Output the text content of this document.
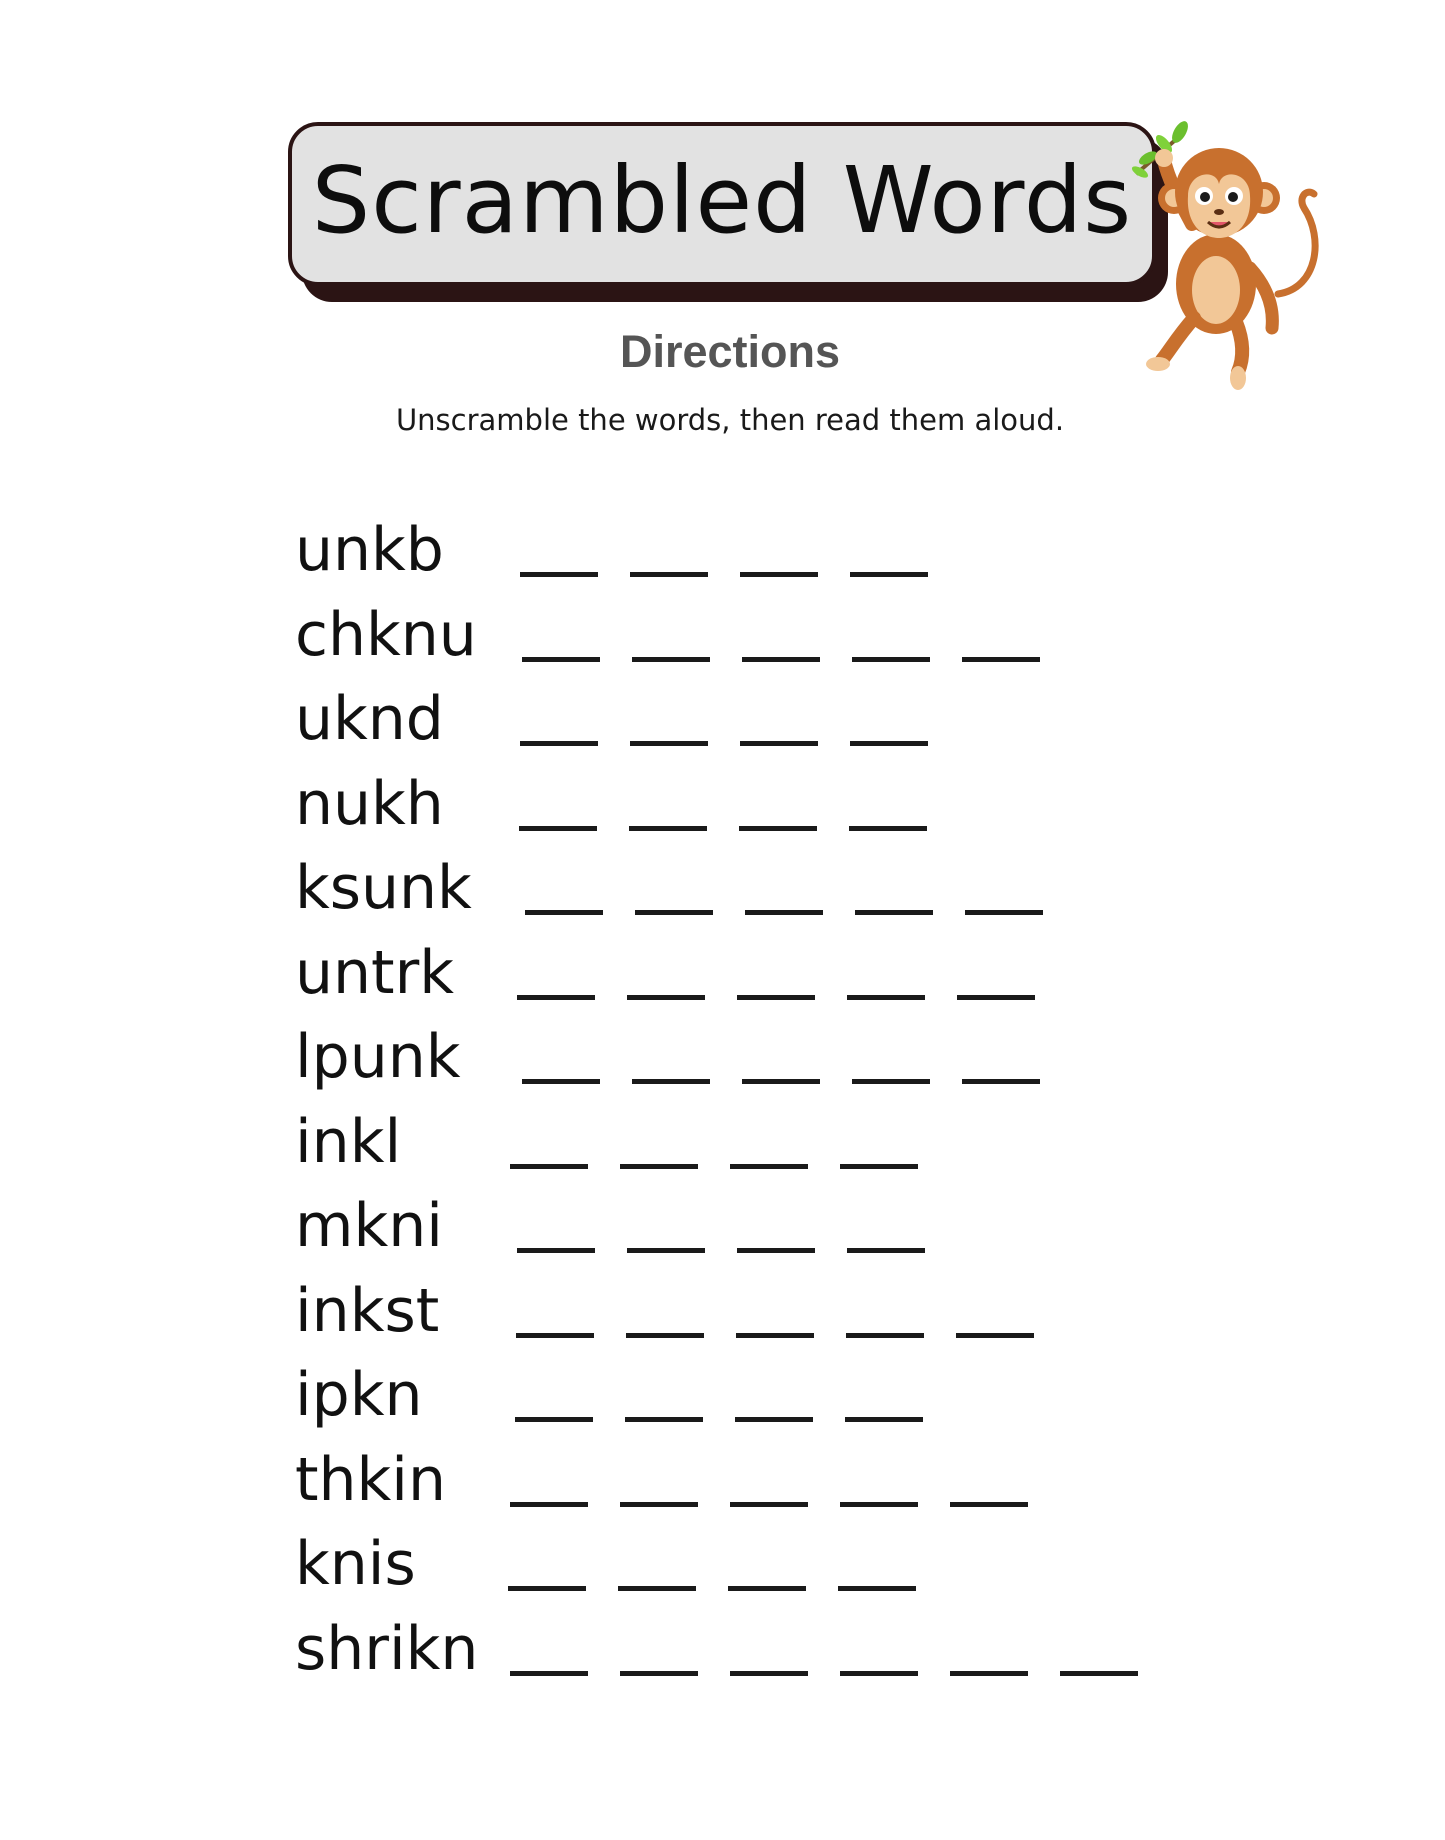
Scrambled Words
Directions
Unscramble the words, then read them aloud.
unkb
chknu
uknd
nukh
ksunk
untrk
lpunk
inkl
mkni
inkst
ipkn
thkin
knis
shrikn
